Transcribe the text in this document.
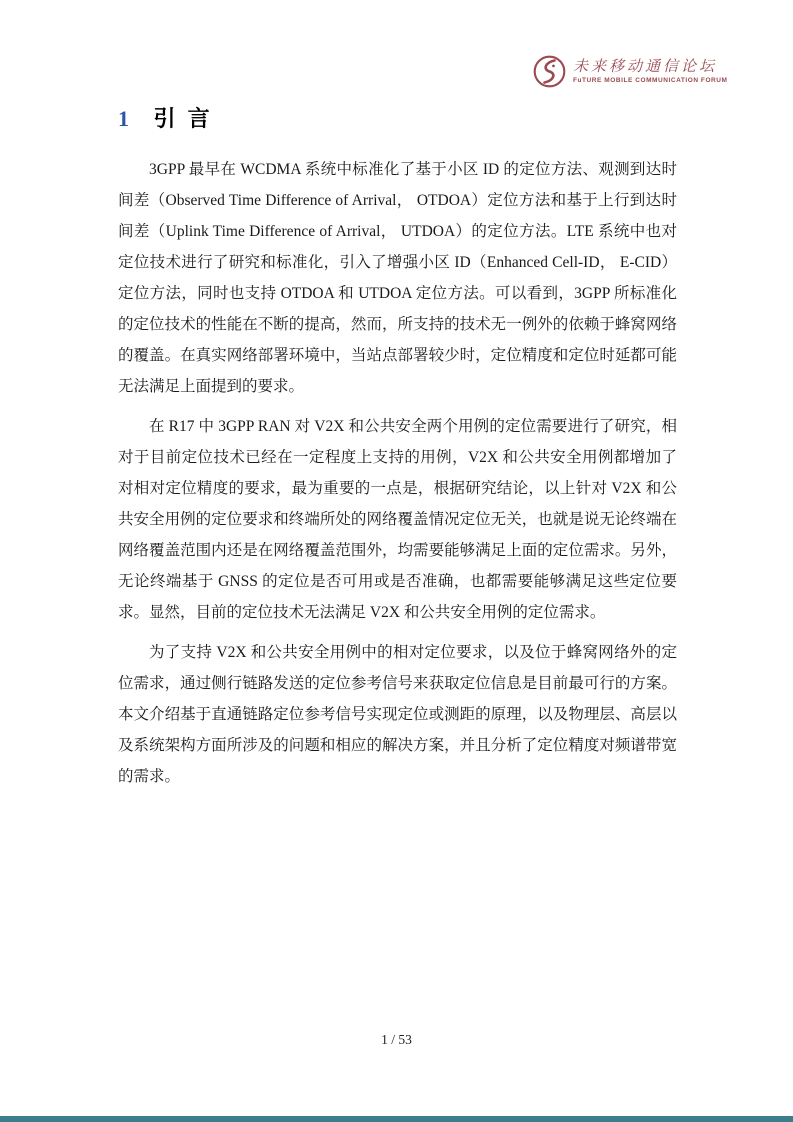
未来移动通信论坛
FuTURE MOBILE COMMUNICATION FORUM
1 引 言

3GPP 最早在 WCDMA 系统中标准化了基于小区 ID 的定位方法、观测到达时间差（Observed Time Difference of Arrival， OTDOA）定位方法和基于上行到达时间差（Uplink Time Difference of Arrival， UTDOA）的定位方法。LTE 系统中也对定位技术进行了研究和标准化，引入了增强小区 ID（Enhanced Cell-ID， E-CID）定位方法，同时也支持 OTDOA 和 UTDOA 定位方法。可以看到，3GPP 所标准化的定位技术的性能在不断的提高，然而，所支持的技术无一例外的依赖于蜂窝网络的覆盖。在真实网络部署环境中，当站点部署较少时，定位精度和定位时延都可能无法满足上面提到的要求。

在 R17 中 3GPP RAN 对 V2X 和公共安全两个用例的定位需要进行了研究，相对于目前定位技术已经在一定程度上支持的用例，V2X 和公共安全用例都增加了对相对定位精度的要求，最为重要的一点是，根据研究结论，以上针对 V2X 和公共安全用例的定位要求和终端所处的网络覆盖情况定位无关，也就是说无论终端在网络覆盖范围内还是在网络覆盖范围外，均需要能够满足上面的定位需求。另外，无论终端基于 GNSS 的定位是否可用或是否准确，也都需要能够满足这些定位要求。显然，目前的定位技术无法满足 V2X 和公共安全用例的定位需求。

为了支持 V2X 和公共安全用例中的相对定位要求，以及位于蜂窝网络外的定位需求，通过侧行链路发送的定位参考信号来获取定位信息是目前最可行的方案。本文介绍基于直通链路定位参考信号实现定位或测距的原理，以及物理层、高层以及系统架构方面所涉及的问题和相应的解决方案，并且分析了定位精度对频谱带宽的需求。

1 / 53
